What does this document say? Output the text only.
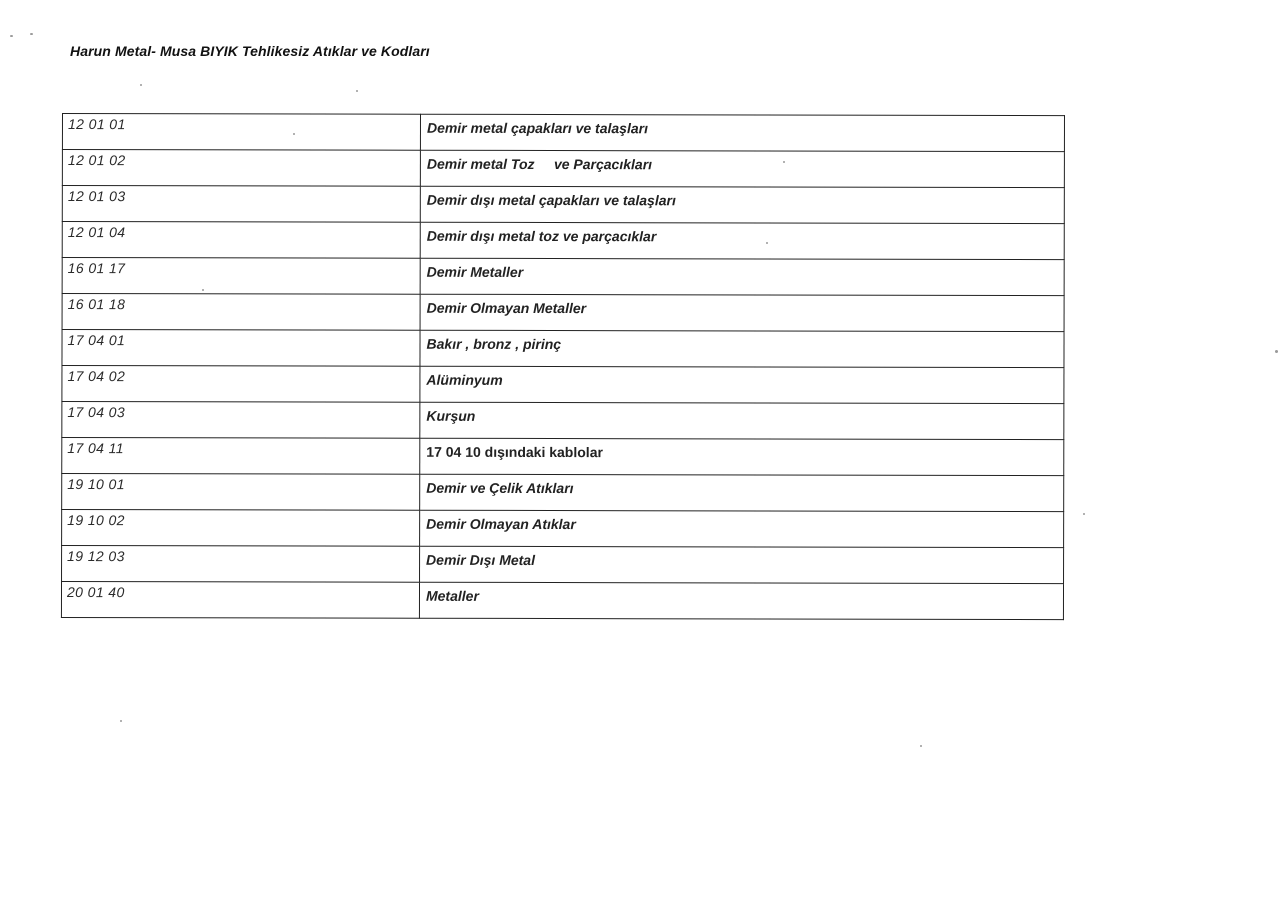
Harun Metal- Musa BIYIK Tehlikesiz Atıklar ve Kodları
12 01 01	Demir metal çapakları ve talaşları
12 01 02	Demir metal Toz     ve Parçacıkları
12 01 03	Demir dışı metal çapakları ve talaşları
12 01 04	Demir dışı metal toz ve parçacıklar
16 01 17	Demir Metaller
16 01 18	Demir Olmayan Metaller
17 04 01	Bakır , bronz , pirinç
17 04 02	Alüminyum
17 04 03	Kurşun
17 04 11	17 04 10 dışındaki kablolar
19 10 01	Demir ve Çelik Atıkları
19 10 02	Demir Olmayan Atıklar
19 12 03	Demir Dışı Metal
20 01 40	Metaller
